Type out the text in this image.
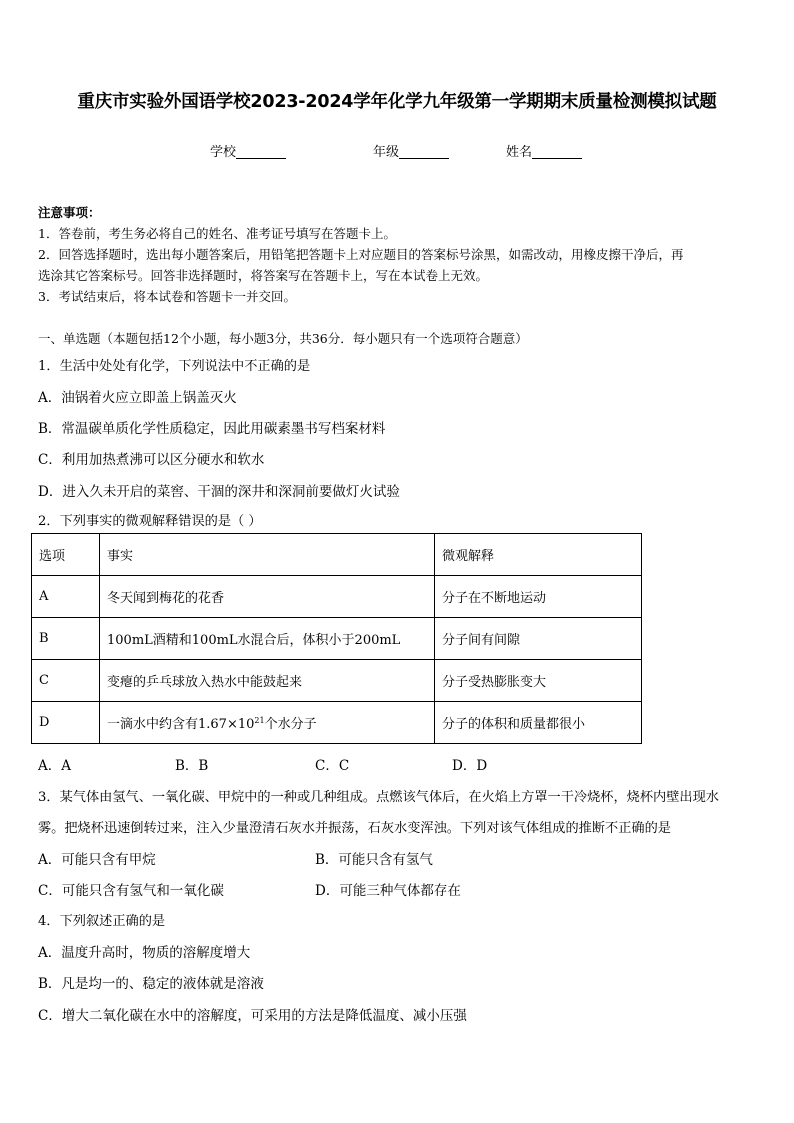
重庆市实验外国语学校2023-2024学年化学九年级第一学期期末质量检测模拟试题
学校	年级	姓名
注意事项：
1．答卷前，考生务必将自己的姓名、准考证号填写在答题卡上。
2．回答选择题时，选出每小题答案后，用铅笔把答题卡上对应题目的答案标号涂黑，如需改动，用橡皮擦干净后，再
选涂其它答案标号。回答非选择题时，将答案写在答题卡上，写在本试卷上无效。
3．考试结束后，将本试卷和答题卡一并交回。
一、单选题（本题包括12个小题，每小题3分，共36分．每小题只有一个选项符合题意）
1．生活中处处有化学，下列说法中不正确的是
A．油锅着火应立即盖上锅盖灭火
B．常温碳单质化学性质稳定，因此用碳素墨书写档案材料
C．利用加热煮沸可以区分硬水和软水
D．进入久未开启的菜窖、干涸的深井和深洞前要做灯火试验
2．下列事实的微观解释错误的是（ ）
选项	事实	微观解释
A	冬天闻到梅花的花香	分子在不断地运动
B	100mL酒精和100mL水混合后，体积小于200mL	分子间有间隙
C	变瘪的乒乓球放入热水中能鼓起来	分子受热膨胀变大
D	一滴水中约含有$1.67\times 10^{21}$个水分子	分子的体积和质量都很小
A．A	B．B	C．C	D．D
3．某气体由氢气、一氧化碳、甲烷中的一种或几种组成。点燃该气体后，在火焰上方罩一干冷烧杯，烧杯内壁出现水
雾。把烧杯迅速倒转过来，注入少量澄清石灰水并振荡，石灰水变浑浊。下列对该气体组成的推断不正确的是
A．可能只含有甲烷	B．可能只含有氢气
C．可能只含有氢气和一氧化碳	D．可能三种气体都存在
4．下列叙述正确的是
A．温度升高时，物质的溶解度增大
B．凡是均一的、稳定的液体就是溶液
C．增大二氧化碳在水中的溶解度，可采用的方法是降低温度、减小压强
